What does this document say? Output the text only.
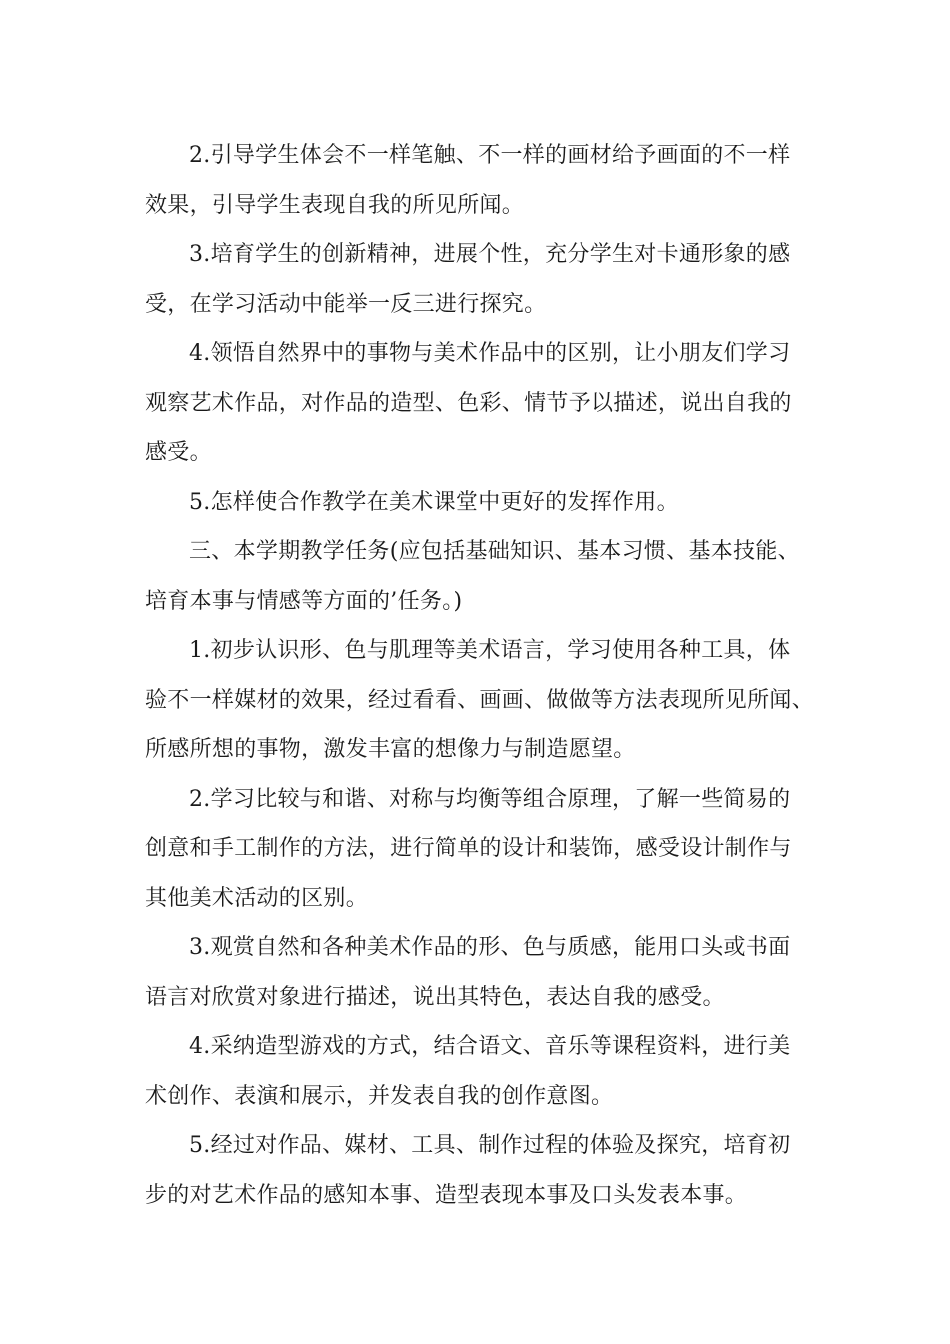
2.引导学生体会不一样笔触、不一样的画材给予画面的不一样
效果，引导学生表现自我的所见所闻。

3.培育学生的创新精神，进展个性，充分学生对卡通形象的感
受，在学习活动中能举一反三进行探究。

4.领悟自然界中的事物与美术作品中的区别，让小朋友们学习
观察艺术作品，对作品的造型、色彩、情节予以描述，说出自我的
感受。

5.怎样使合作教学在美术课堂中更好的发挥作用。

三、本学期教学任务(应包括基础知识、基本习惯、基本技能、
培育本事与情感等方面的’任务。)

1.初步认识形、色与肌理等美术语言，学习使用各种工具，体
验不一样媒材的效果，经过看看、画画、做做等方法表现所见所闻、
所感所想的事物，激发丰富的想像力与制造愿望。

2.学习比较与和谐、对称与均衡等组合原理，了解一些简易的
创意和手工制作的方法，进行简单的设计和装饰，感受设计制作与
其他美术活动的区别。

3.观赏自然和各种美术作品的形、色与质感，能用口头或书面
语言对欣赏对象进行描述，说出其特色，表达自我的感受。

4.采纳造型游戏的方式，结合语文、音乐等课程资料，进行美
术创作、表演和展示，并发表自我的创作意图。

5.经过对作品、媒材、工具、制作过程的体验及探究，培育初
步的对艺术作品的感知本事、造型表现本事及口头发表本事。
